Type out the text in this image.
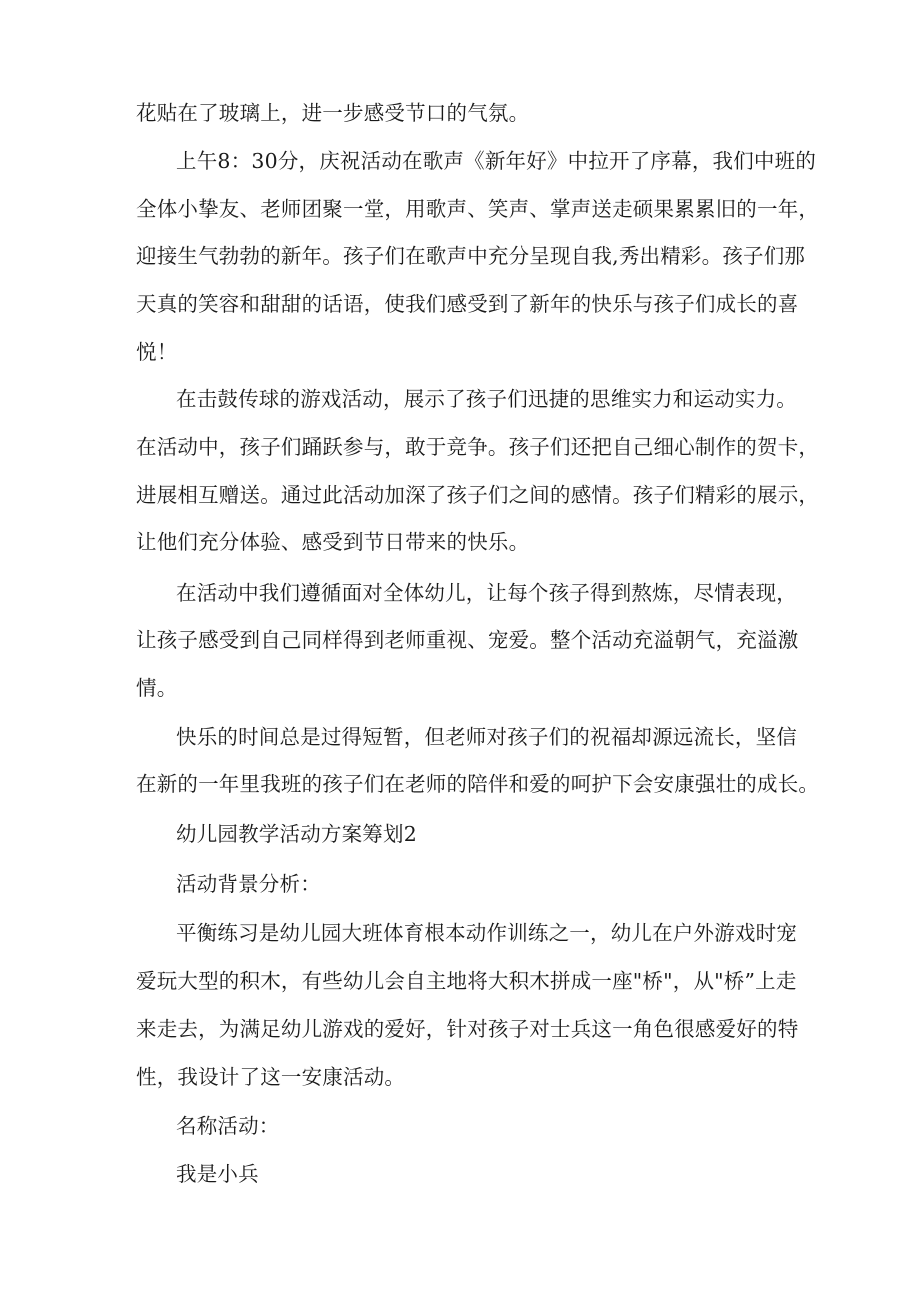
花贴在了玻璃上，进一步感受节口的气氛。
上午8：30分，庆祝活动在歌声《新年好》中拉开了序幕，我们中班的
全体小挚友、老师团聚一堂，用歌声、笑声、掌声送走硕果累累旧的一年，
迎接生气勃勃的新年。孩子们在歌声中充分呈现自我,秀出精彩。孩子们那
天真的笑容和甜甜的话语，使我们感受到了新年的快乐与孩子们成长的喜
悦！
在击鼓传球的游戏活动，展示了孩子们迅捷的思维实力和运动实力。
在活动中，孩子们踊跃参与，敢于竞争。孩子们还把自己细心制作的贺卡，
进展相互赠送。通过此活动加深了孩子们之间的感情。孩子们精彩的展示，
让他们充分体验、感受到节日带来的快乐。
在活动中我们遵循面对全体幼儿，让每个孩子得到熬炼，尽情表现，
让孩子感受到自己同样得到老师重视、宠爱。整个活动充溢朝气，充溢激
情。
快乐的时间总是过得短暂，但老师对孩子们的祝福却源远流长，坚信
在新的一年里我班的孩子们在老师的陪伴和爱的呵护下会安康强壮的成长。
幼儿园教学活动方案筹划2
活动背景分析：
平衡练习是幼儿园大班体育根本动作训练之一，幼儿在户外游戏时宠
爱玩大型的积木，有些幼儿会自主地将大积木拼成一座"桥"，从"桥”上走
来走去，为满足幼儿游戏的爱好，针对孩子对士兵这一角色很感爱好的特
性，我设计了这一安康活动。
名称活动：
我是小兵
